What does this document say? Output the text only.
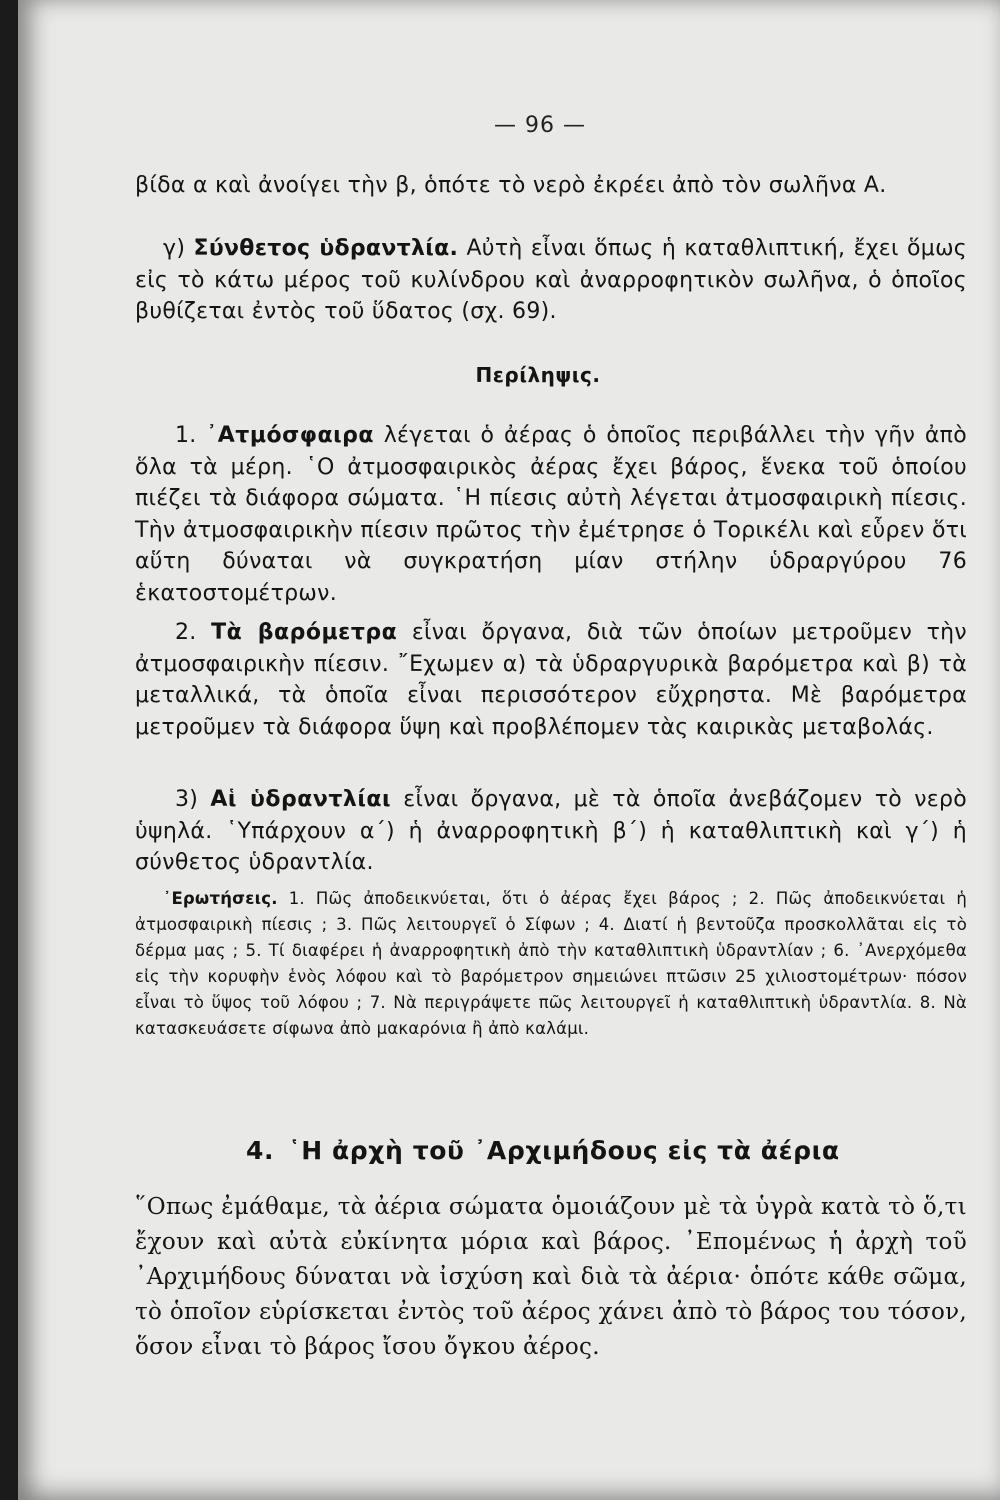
— 96 —
βίδα α καὶ ἀνοίγει τὴν β, ὁπότε τὸ νερὸ ἐκρέει ἀπὸ τὸν σωλῆνα Α.
γ) Σύνθετος ὑδραντλία. Αὐτὴ εἶναι ὅπως ἡ καταθλιπτική, ἔχει ὅμως εἰς τὸ κάτω μέρος τοῦ κυλίνδρου καὶ ἀναρροφητικὸν σωλῆνα, ὁ ὁποῖος βυθίζεται ἐντὸς τοῦ ὕδατος (σχ. 69).
Περίληψις.
1. ᾿Ατμόσφαιρα λέγεται ὁ ἀέρας ὁ ὁποῖος περιβάλλει τὴν γῆν ἀπὸ ὅλα τὰ μέρη. ῾Ο ἀτμοσφαιρικὸς ἀέρας ἔχει βάρος, ἕνεκα τοῦ ὁποίου πιέζει τὰ διάφορα σώματα. ῾Η πίεσις αὐτὴ λέγεται ἀτμοσφαιρικὴ πίεσις. Τὴν ἀτμοσφαιρικὴν πίεσιν πρῶτος τὴν ἐμέτρησε ὁ Τορικέλι καὶ εὗρεν ὅτι αὕτη δύναται νὰ συγκρατήση μίαν στήλην ὑδραργύρου 76 ἑκατοστομέτρων.
2. Τὰ βαρόμετρα εἶναι ὄργανα, διὰ τῶν ὁποίων μετροῦμεν τὴν ἀτμοσφαιρικὴν πίεσιν. ῎Εχωμεν α) τὰ ὑδραργυρικὰ βαρόμετρα καὶ β) τὰ μεταλλικά, τὰ ὁποῖα εἶναι περισσότερον εὔχρηστα. Μὲ βαρόμετρα μετροῦμεν τὰ διάφορα ὕψη καὶ προβλέπομεν τὰς καιρικὰς μεταβολάς.
3) Αἱ ὑδραντλίαι εἶναι ὄργανα, μὲ τὰ ὁποῖα ἀνεβάζομεν τὸ νερὸ ὑψηλά. ῾Υπάρχουν α΄) ἡ ἀναρροφητικὴ β΄) ἡ καταθλιπτικὴ καὶ γ΄) ἡ σύνθετος ὑδραντλία.
᾿Ερωτήσεις. 1. Πῶς ἀποδεικνύεται, ὅτι ὁ ἀέρας ἔχει βάρος ; 2. Πῶς ἀποδεικνύεται ἡ ἀτμοσφαιρικὴ πίεσις ; 3. Πῶς λειτουργεῖ ὁ Σίφων ; 4. Διατί ἡ βεντοῦζα προσκολλᾶται εἰς τὸ δέρμα μας ; 5. Τί διαφέρει ἡ ἀναρροφητικὴ ἀπὸ τὴν καταθλιπτικὴ ὑδραντλίαν ; 6. ᾿Ανερχόμεθα εἰς τὴν κορυφὴν ἑνὸς λόφου καὶ τὸ βαρόμετρον σημειώνει πτῶσιν 25 χιλιοστομέτρων· πόσον εἶναι τὸ ὕψος τοῦ λόφου ; 7. Νὰ περιγράψετε πῶς λειτουργεῖ ἡ καταθλιπτικὴ ὑδραντλία. 8. Νὰ κατασκευάσετε σίφωνα ἀπὸ μακαρόνια ἢ ἀπὸ καλάμι.
4. ῾Η ἀρχὴ τοῦ ᾿Αρχιμήδους εἰς τὰ ἀέρια
῞Οπως ἐμάθαμε, τὰ ἀέρια σώματα ὁμοιάζουν μὲ τὰ ὑγρὰ κατὰ τὸ ὅ,τι ἔχουν καὶ αὐτὰ εὐκίνητα μόρια καὶ βάρος. ᾿Επομένως ἡ ἀρχὴ τοῦ ᾿Αρχιμήδους δύναται νὰ ἰσχύση καὶ διὰ τὰ ἀέρια· ὁπότε κάθε σῶμα, τὸ ὁποῖον εὑρίσκεται ἐντὸς τοῦ ἀέρος χάνει ἀπὸ τὸ βάρος του τόσον, ὅσον εἶναι τὸ βάρος ἴσου ὄγκου ἀέρος.
